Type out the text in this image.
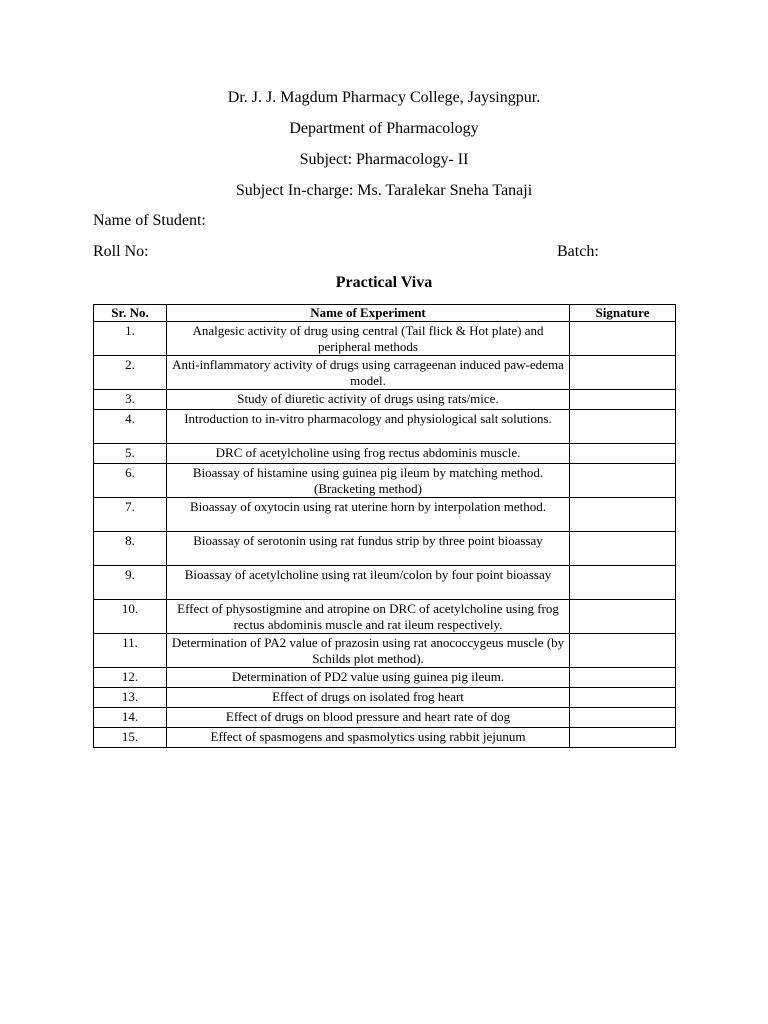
Dr. J. J. Magdum Pharmacy College, Jaysingpur.
Department of Pharmacology
Subject: Pharmacology- II
Subject In-charge: Ms. Taralekar Sneha Tanaji
Name of Student:
Roll No:	Batch:
Practical Viva
Sr. No.	Name of Experiment	Signature
1.	Analgesic activity of drug using central (Tail flick & Hot plate) and peripheral methods	
2.	Anti-inflammatory activity of drugs using carrageenan induced paw-edema model.	
3.	Study of diuretic activity of drugs using rats/mice.	
4.	Introduction to in-vitro pharmacology and physiological salt solutions.	
5.	DRC of acetylcholine using frog rectus abdominis muscle.	
6.	Bioassay of histamine using guinea pig ileum by matching method. (Bracketing method)	
7.	Bioassay of oxytocin using rat uterine horn by interpolation method.	
8.	Bioassay of serotonin using rat fundus strip by three point bioassay	
9.	Bioassay of acetylcholine using rat ileum/colon by four point bioassay	
10.	Effect of physostigmine and atropine on DRC of acetylcholine using frog rectus abdominis muscle and rat ileum respectively.	
11.	Determination of PA2 value of prazosin using rat anococcygeus muscle (by Schilds plot method).	
12.	Determination of PD2 value using guinea pig ileum.	
13.	Effect of drugs on isolated frog heart	
14.	Effect of drugs on blood pressure and heart rate of dog	
15.	Effect of spasmogens and spasmolytics using rabbit jejunum	
